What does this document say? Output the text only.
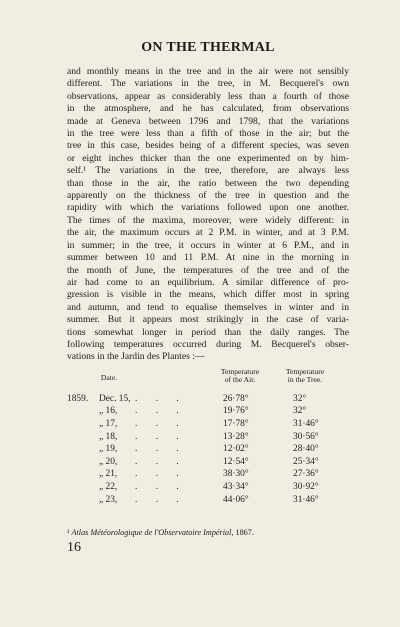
ON THE THERMAL
and monthly means in the tree and in the air were not sensibly
different. The variations in the tree, in M. Becquerel's own
observations, appear as considerably less than a fourth of those
in the atmosphere, and he has calculated, from observations
made at Geneva between 1796 and 1798, that the variations
in the tree were less than a fifth of those in the air; but the
tree in this case, besides being of a different species, was seven
or eight inches thicker than the one experimented on by him-
self.¹ The variations in the tree, therefore, are always less
than those in the air, the ratio between the two depending
apparently on the thickness of the tree in question and the
rapidity with which the variations followed upon one another.
The times of the maxima, moreover, were widely different: in
the air, the maximum occurs at 2 P.M. in winter, and at 3 P.M.
in summer; in the tree, it occurs in winter at 6 P.M., and in
summer between 10 and 11 P.M. At nine in the morning in
the month of June, the temperatures of the tree and of the
air had come to an equilibrium. A similar difference of pro-
gression is visible in the means, which differ most in spring
and autumn, and tend to equalise themselves in winter and in
summer. But it appears most strikingly in the case of varia-
tions somewhat longer in period than the daily ranges. The
following temperatures occurred during M. Becquerel's obser-
vations in the Jardin des Plantes :—
Date.
Temperature
of the Air.
Temperature
in the Tree.
1859. Dec. 15, . . .	26·78°	32°
„ 16, . . .	19·76°	32°
„ 17, . . .	17·78°	31·46°
„ 18, . . .	13·28°	30·56°
„ 19, . . .	12·02°	28·40°
„ 20, . . .	12·54°	25·34°
„ 21, . . .	38·30°	27·36°
„ 22, . . .	43·34°	30·92°
„ 23, . . .	44·06°	31·46°
¹ Atlas Météorologique de l'Observatoire Impérial, 1867.
16
